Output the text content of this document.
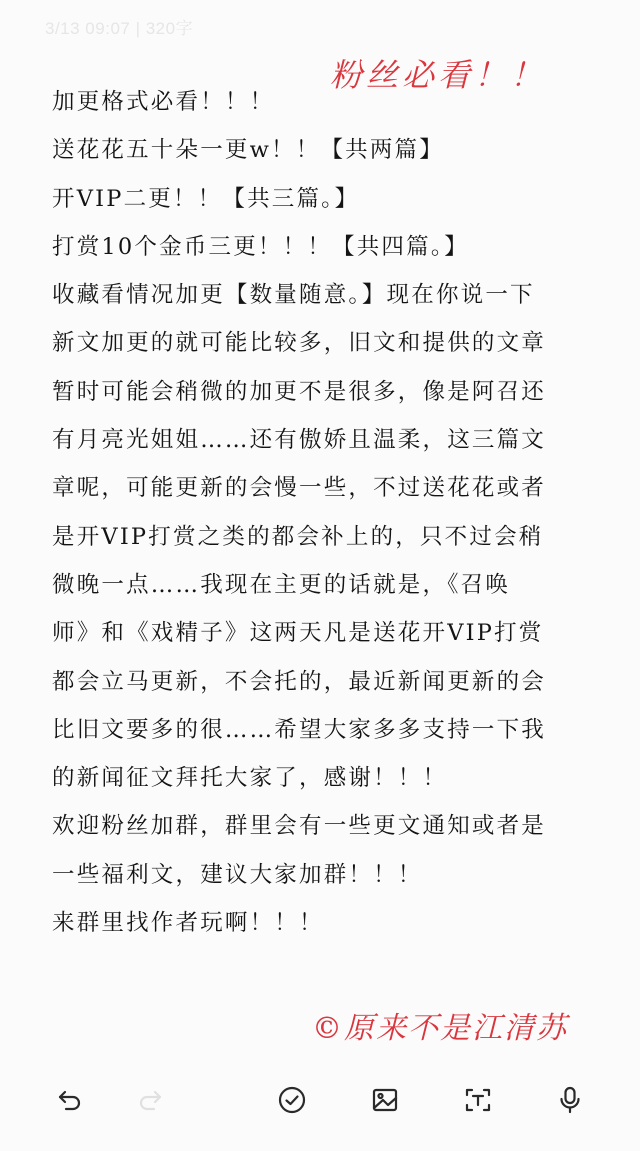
3/13 09:07 | 320字
粉丝必看！！
加更格式必看！！！
送花花五十朵一更w！！【共两篇】
开VIP二更！！【共三篇。】
打赏10个金币三更！！！【共四篇。】
收藏看情况加更【数量随意。】现在你说一下
新文加更的就可能比较多，旧文和提供的文章
暂时可能会稍微的加更不是很多，像是阿召还
有月亮光姐姐……还有傲娇且温柔，这三篇文
章呢，可能更新的会慢一些，不过送花花或者
是开VIP打赏之类的都会补上的，只不过会稍
微晚一点……我现在主更的话就是，《召唤
师》和《戏精子》这两天凡是送花开VIP打赏
都会立马更新，不会托的，最近新闻更新的会
比旧文要多的很……希望大家多多支持一下我
的新闻征文拜托大家了，感谢！！！
欢迎粉丝加群，群里会有一些更文通知或者是
一些福利文，建议大家加群！！！
来群里找作者玩啊！！！
©原来不是江清苏
